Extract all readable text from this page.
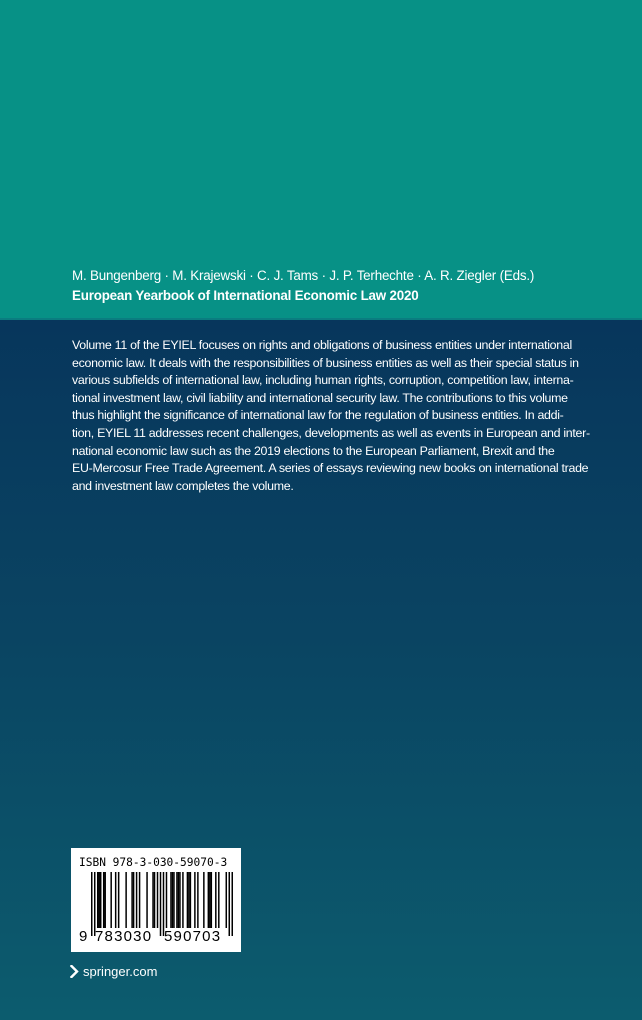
M. Bungenberg · M. Krajewski · C. J. Tams · J. P. Terhechte · A. R. Ziegler (Eds.)
European Yearbook of International Economic Law 2020
Volume 11 of the EYIEL focuses on rights and obligations of business entities under international
economic law. It deals with the responsibilities of business entities as well as their special status in
various subfields of international law, including human rights, corruption, competition law, interna-
tional investment law, civil liability and international security law. The contributions to this volume
thus highlight the significance of international law for the regulation of business entities. In addi-
tion, EYIEL 11 addresses recent challenges, developments as well as events in European and inter-
national economic law such as the 2019 elections to the European Parliament, Brexit and the
EU-Mercosur Free Trade Agreement. A series of essays reviewing new books on international trade
and investment law completes the volume.
ISBN 978-3-030-59070-3
9 783030 590703
springer.com
